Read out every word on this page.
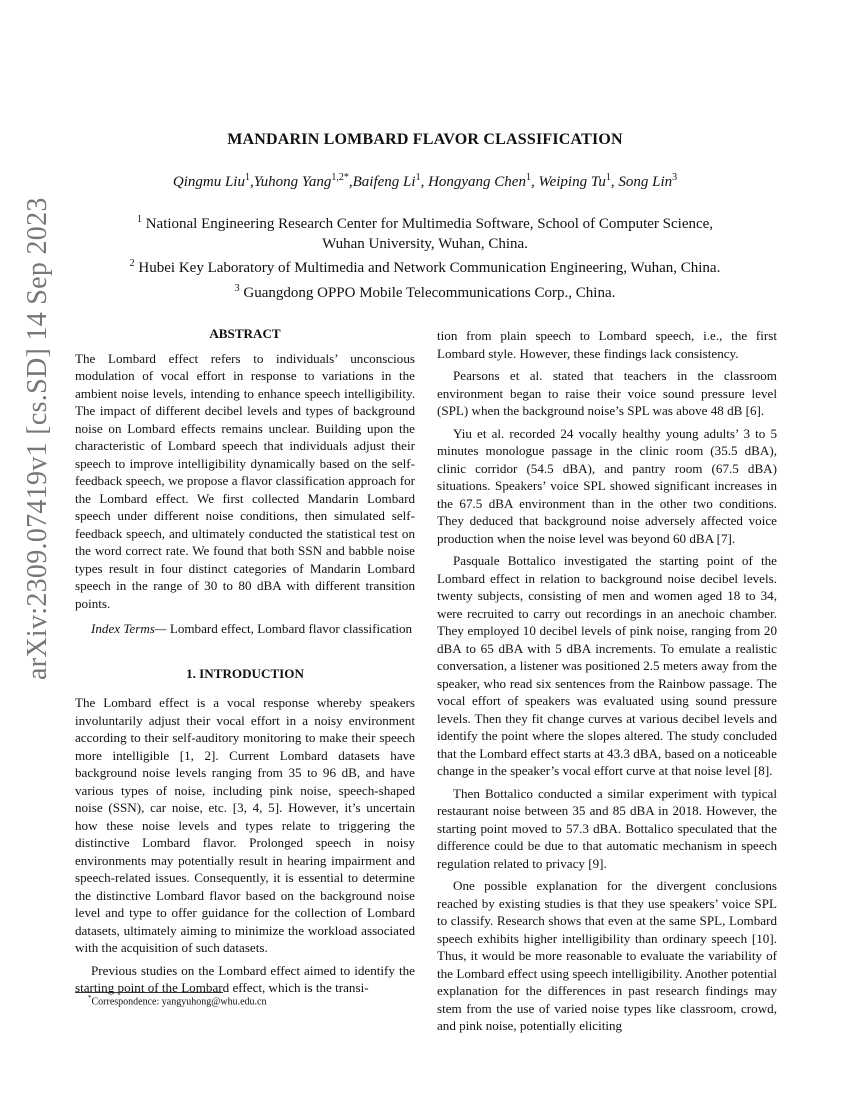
MANDARIN LOMBARD FLAVOR CLASSIFICATION
Qingmu Liu$^1$,Yuhong Yang$^{1,2*}$,Baifeng Li$^1$, Hongyang Chen$^1$, Weiping Tu$^1$, Song Lin$^3$
$^1$ National Engineering Research Center for Multimedia Software, School of Computer Science,
Wuhan University, Wuhan, China.
$^2$ Hubei Key Laboratory of Multimedia and Network Communication Engineering, Wuhan, China.
$^3$ Guangdong OPPO Mobile Telecommunications Corp., China.
arXiv:2309.07419v1 [cs.SD] 14 Sep 2023	ABSTRACT

The Lombard effect refers to individuals’ unconscious modulation of vocal effort in response to variations in the ambient noise levels, intending to enhance speech intelligibility. The impact of different decibel levels and types of background noise on Lombard effects remains unclear. Building upon the characteristic of Lombard speech that individuals adjust their speech to improve intelligibility dynamically based on the self-feedback speech, we propose a flavor classification approach for the Lombard effect. We first collected Mandarin Lombard speech under different noise conditions, then simulated self-feedback speech, and ultimately conducted the statistical test on the word correct rate. We found that both SSN and babble noise types result in four distinct categories of Mandarin Lombard speech in the range of 30 to 80 dBA with different transition points.

Index Terms— Lombard effect, Lombard flavor classification

1. INTRODUCTION

The Lombard effect is a vocal response whereby speakers involuntarily adjust their vocal effort in a noisy environment according to their self-auditory monitoring to make their speech more intelligible [1, 2]. Current Lombard datasets have background noise levels ranging from 35 to 96 dB, and have various types of noise, including pink noise, speech-shaped noise (SSN), car noise, etc. [3, 4, 5]. However, it’s uncertain how these noise levels and types relate to triggering the distinctive Lombard flavor. Prolonged speech in noisy environments may potentially result in hearing impairment and speech-related issues. Consequently, it is essential to determine the distinctive Lombard flavor based on the background noise level and type to offer guidance for the collection of Lombard datasets, ultimately aiming to minimize the workload associated with the acquisition of such datasets.

Previous studies on the Lombard effect aimed to identify the starting point of the Lombard effect, which is the transi-

tion from plain speech to Lombard speech, i.e., the first Lombard style. However, these findings lack consistency.

Pearsons et al. stated that teachers in the classroom environment began to raise their voice sound pressure level (SPL) when the background noise’s SPL was above 48 dB [6].

Yiu et al. recorded 24 vocally healthy young adults’ 3 to 5 minutes monologue passage in the clinic room (35.5 dBA), clinic corridor (54.5 dBA), and pantry room (67.5 dBA) situations. Speakers’ voice SPL showed significant increases in the 67.5 dBA environment than in the other two conditions. They deduced that background noise adversely affected voice production when the noise level was beyond 60 dBA [7].

Pasquale Bottalico investigated the starting point of the Lombard effect in relation to background noise decibel levels. twenty subjects, consisting of men and women aged 18 to 34, were recruited to carry out recordings in an anechoic chamber. They employed 10 decibel levels of pink noise, ranging from 20 dBA to 65 dBA with 5 dBA increments. To emulate a realistic conversation, a listener was positioned 2.5 meters away from the speaker, who read six sentences from the Rainbow passage. The vocal effort of speakers was evaluated using sound pressure levels. Then they fit change curves at various decibel levels and identify the point where the slopes altered. The study concluded that the Lombard effect starts at 43.3 dBA, based on a noticeable change in the speaker’s vocal effort curve at that noise level [8].

Then Bottalico conducted a similar experiment with typical restaurant noise between 35 and 85 dBA in 2018. However, the starting point moved to 57.3 dBA. Bottalico speculated that the difference could be due to that automatic mechanism in speech regulation related to privacy [9].

One possible explanation for the divergent conclusions reached by existing studies is that they use speakers’ voice SPL to classify. Research shows that even at the same SPL, Lombard speech exhibits higher intelligibility than ordinary speech [10]. Thus, it would be more reasonable to evaluate the variability of the Lombard effect using speech intelligibility. Another potential explanation for the differences in past research findings may stem from the use of varied noise types like classroom, crowd, and pink noise, potentially eliciting

*Correspondence: yangyuhong@whu.edu.cn
